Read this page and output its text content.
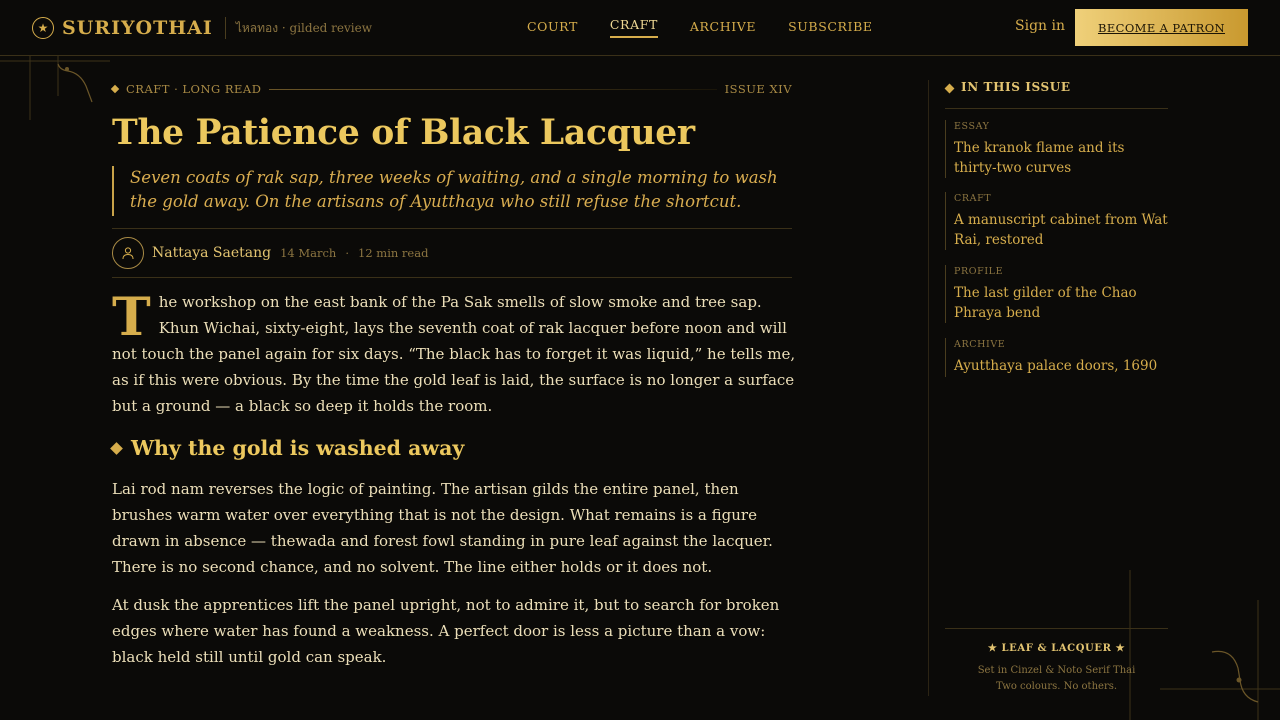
★ SURIYOTHAI ไหลทอง · gilded review	COURT	CRAFT	ARCHIVE	SUBSCRIBE	Sign in	BECOME A PATRON
CRAFT · LONG READ	ISSUE XIV
The Patience of Black Lacquer

Seven coats of rak sap, three weeks of waiting, and a single morning to wash the gold away. On the artisans of Ayutthaya who still refuse the shortcut.

Nattaya Saetang 14 March · 12 min read
T he workshop on the east bank of the Pa Sak smells of slow smoke and tree sap. Khun Wichai, sixty-eight, lays the seventh coat of rak lacquer before noon and will not touch the panel again for six days. “The black has to forget it was liquid,” he tells me, as if this were obvious. By the time the gold leaf is laid, the surface is no longer a surface but a ground — a black so deep it holds the room.
Why the gold is washed away

Lai rod nam reverses the logic of painting. The artisan gilds the entire panel, then brushes warm water over everything that is not the design. What remains is a figure drawn in absence — thewada and forest fowl standing in pure leaf against the lacquer. There is no second chance, and no solvent. The line either holds or it does not.

At dusk the apprentices lift the panel upright, not to admire it, but to search for broken edges where water has found a weakness. A perfect door is less a picture than a vow: black held still until gold can speak.

IN THIS ISSUE
ESSAY
The kranok flame and its thirty-two curves
CRAFT
A manuscript cabinet from Wat Rai, restored
PROFILE
The last gilder of the Chao Phraya bend
ARCHIVE
Ayutthaya palace doors, 1690
★ LEAF & LACQUER ★
Set in Cinzel & Noto Serif Thai
Two colours. No others.
